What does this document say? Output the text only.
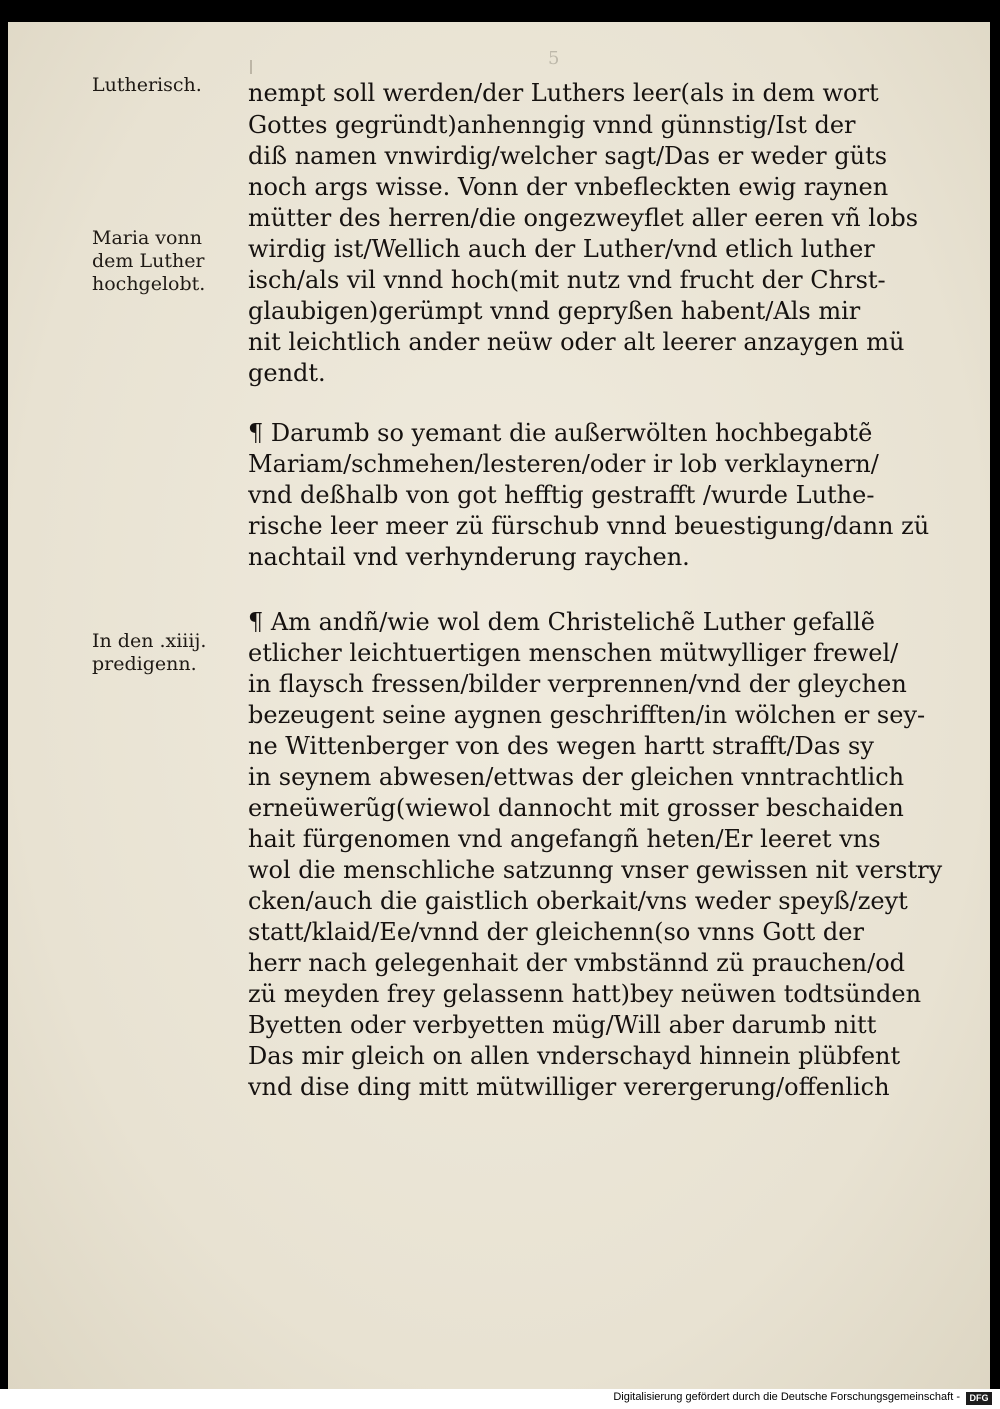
5
Lutherisch.
Maria vonn dem Luther hochgelobt.
In den .xiiij. predigenn.
nempt soll werden/der Luthers leer(als in dem wort
Gottes gegründt)anhenngig vnnd günnstig/Ist der
diß namen vnwirdig/welcher sagt/Das er weder güts
noch args wisse. Vonn der vnbefleckten ewig raynen
mütter des herren/die ongezweyflet aller eeren vñ lobs
wirdig ist/Wellich auch der Luther/vnd etlich luther
isch/als vil vnnd hoch(mit nutz vnd frucht der Chrst-
glaubigen)gerümpt vnnd gepryßen habent/Als mir
nit leichtlich ander neüw oder alt leerer anzaygen mü
gendt.
¶ Darumb so yemant die außerwölten hochbegabtẽ
Mariam/schmehen/lesteren/oder ir lob verklaynern/
vnd deßhalb von got hefftig gestrafft /wurde Luthe-
rische leer meer zü fürschub vnnd beuestigung/dann zü
nachtail vnd verhynderung raychen.
¶ Am andñ/wie wol dem Christelichẽ Luther gefallẽ
etlicher leichtuertigen menschen mütwylliger frewel/
in flaysch fressen/bilder verprennen/vnd der gleychen
bezeugent seine aygnen geschrifften/in wölchen er sey-
ne Wittenberger von des wegen hartt strafft/Das sy
in seynem abwesen/ettwas der gleichen vnntrachtlich
erneüwerũg(wiewol dannocht mit grosser beschaiden
hait fürgenomen vnd angefangñ heten/Er leeret vns
wol die menschliche satzunng vnser gewissen nit verstry
cken/auch die gaistlich oberkait/vns weder speyß/zeyt
statt/klaid/Ee/vnnd der gleichenn(so vnns Gott der
herr nach gelegenhait der vmbstännd zü prauchen/od
zü meyden frey gelassenn hatt)bey neüwen todtsünden
Byetten oder verbyetten müg/Will aber darumb nitt
Das mir gleich on allen vnderschayd hinnein plübfent
vnd dise ding mitt mütwilliger verergerung/offenlich
Digitalisierung gefördert durch die Deutsche Forschungsgemeinschaft -	DFG
